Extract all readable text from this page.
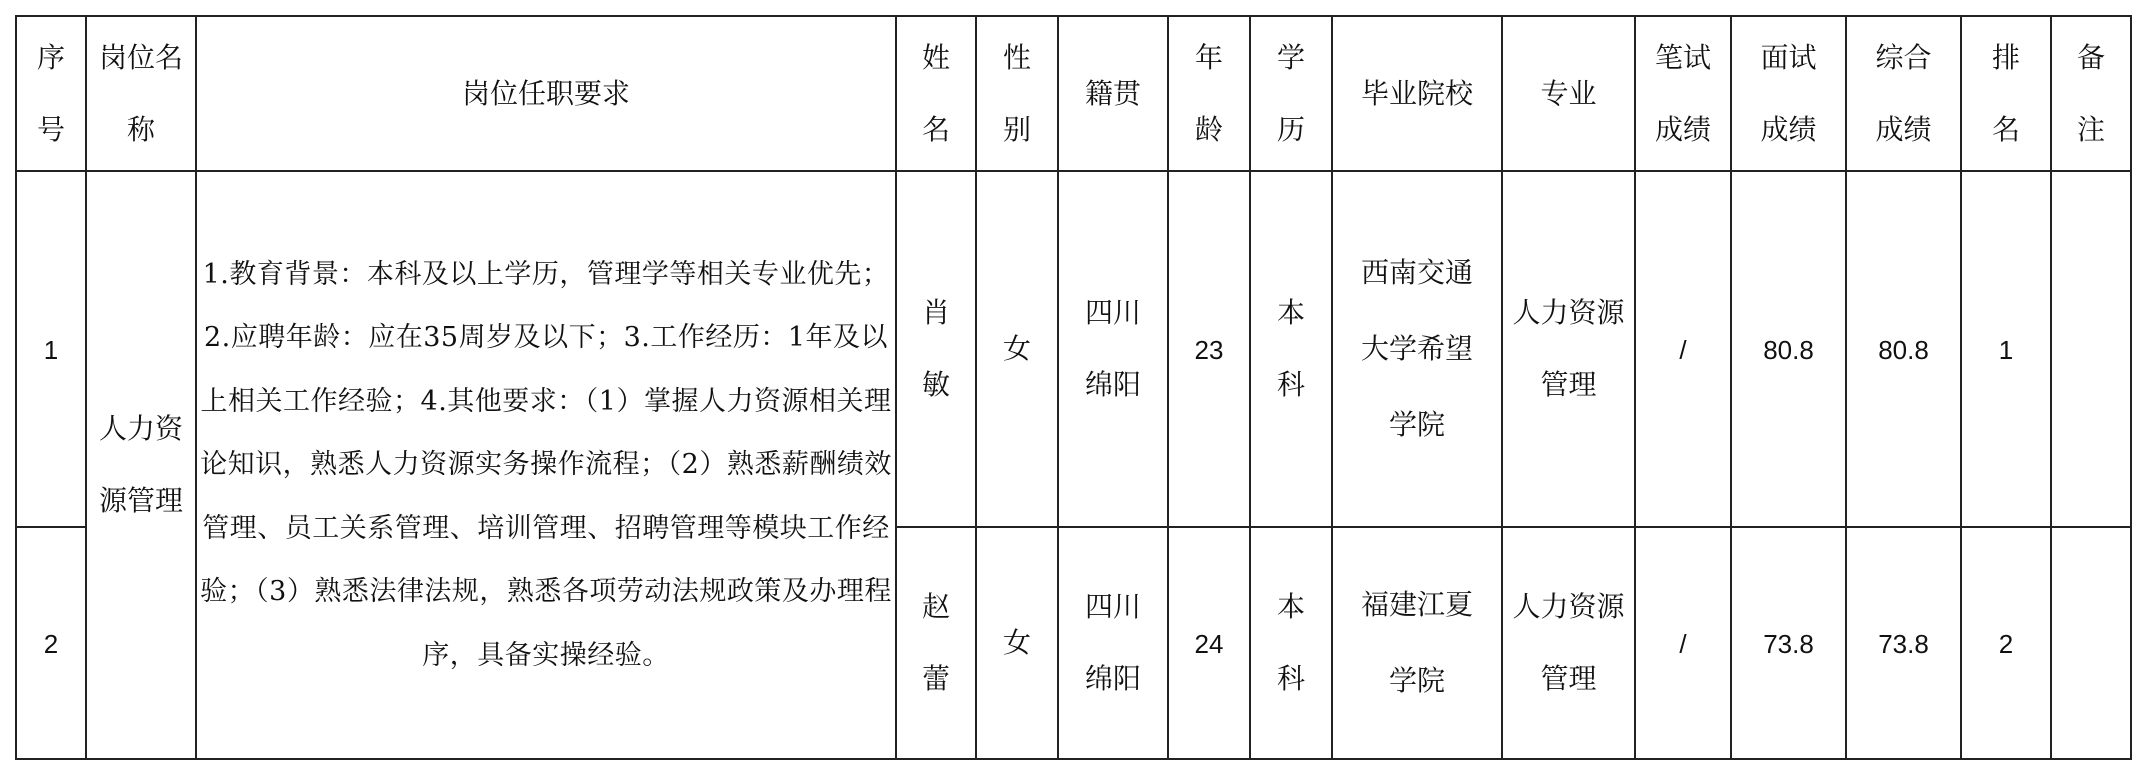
序号	岗位名称	岗位任职要求	姓名	性别	籍贯	年龄	学历	毕业院校	专业	笔试成绩	面试成绩	综合成绩	排名	备注
1	人力资源管理	1.教育背景：本科及以上学历，管理学等相关专业优先；2.应聘年龄：应在35周岁及以下；3.工作经历：1年及以上相关工作经验；4.其他要求：（1）掌握人力资源相关理论知识，熟悉人力资源实务操作流程；（2）熟悉薪酬绩效管理、员工关系管理、培训管理、招聘管理等模块工作经验；（3）熟悉法律法规，熟悉各项劳动法规政策及办理程序，具备实操经验。	肖敏	女	四川绵阳	23	本科	西南交通大学希望学院	人力资源管理	/	80.8	80.8	1	
2			赵蕾	女	四川绵阳	24	本科	福建江夏学院	人力资源管理	/	73.8	73.8	2	
